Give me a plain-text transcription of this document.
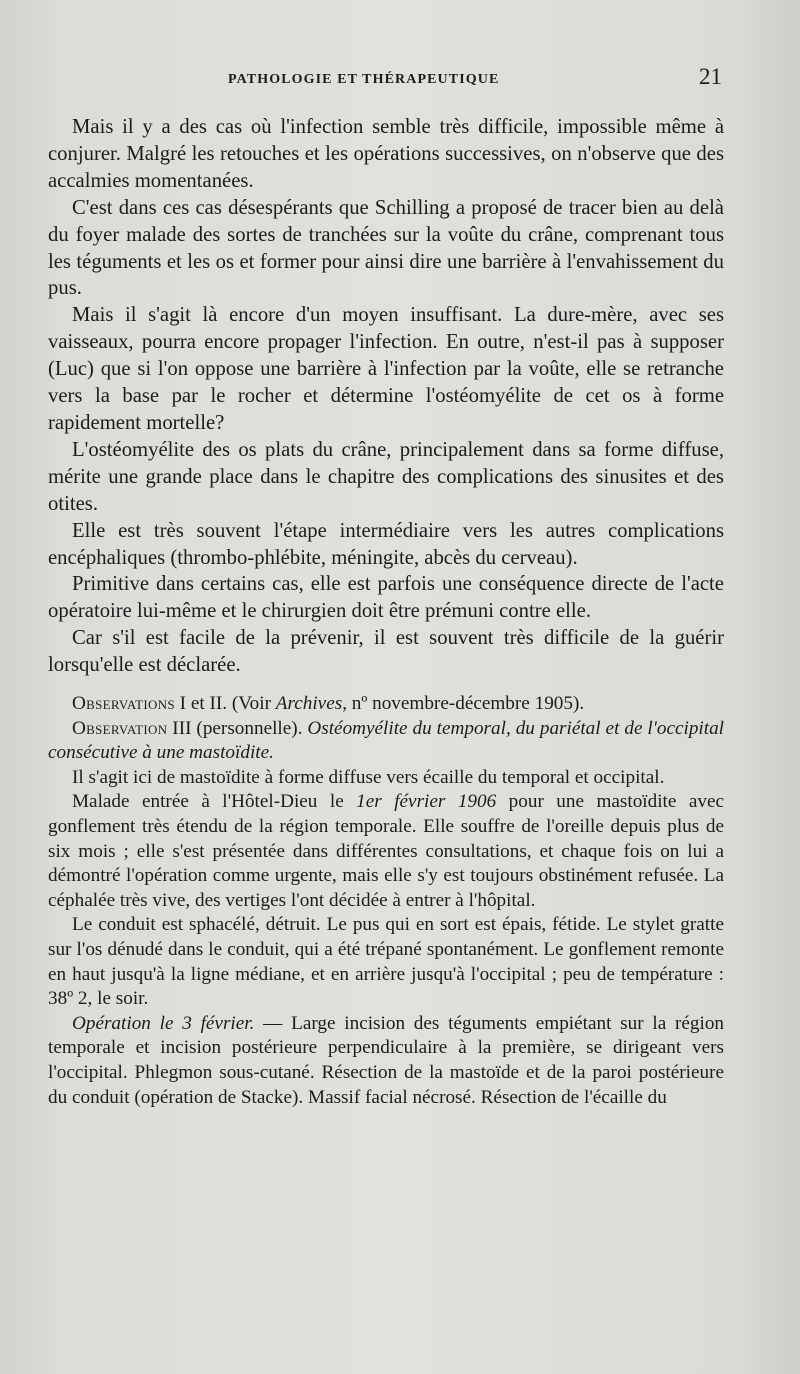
PATHOLOGIE ET THÉRAPEUTIQUE	21

Mais il y a des cas où l'infection semble très difficile, impossible même à conjurer. Malgré les retouches et les opérations successives, on n'observe que des accalmies momentanées.

C'est dans ces cas désespérants que Schilling a proposé de tracer bien au delà du foyer malade des sortes de tranchées sur la voûte du crâne, comprenant tous les téguments et les os et former pour ainsi dire une barrière à l'envahissement du pus.

Mais il s'agit là encore d'un moyen insuffisant. La dure-mère, avec ses vaisseaux, pourra encore propager l'infection. En outre, n'est-il pas à supposer (Luc) que si l'on oppose une barrière à l'infection par la voûte, elle se retranche vers la base par le rocher et détermine l'ostéomyélite de cet os à forme rapidement mortelle?

L'ostéomyélite des os plats du crâne, principalement dans sa forme diffuse, mérite une grande place dans le chapitre des complications des sinusites et des otites.

Elle est très souvent l'étape intermédiaire vers les autres complications encéphaliques (thrombo-phlébite, méningite, abcès du cerveau).

Primitive dans certains cas, elle est parfois une conséquence directe de l'acte opératoire lui-même et le chirurgien doit être prémuni contre elle.

Car s'il est facile de la prévenir, il est souvent très difficile de la guérir lorsqu'elle est déclarée.

Observations I et II. (Voir Archives, nº novembre-décembre 1905).

Observation III (personnelle). Ostéomyélite du temporal, du pariétal et de l'occipital consécutive à une mastoïdite.

Il s'agit ici de mastoïdite à forme diffuse vers écaille du temporal et occipital.

Malade entrée à l'Hôtel-Dieu le 1er février 1906 pour une mastoïdite avec gonflement très étendu de la région temporale. Elle souffre de l'oreille depuis plus de six mois ; elle s'est présentée dans différentes consultations, et chaque fois on lui a démontré l'opération comme urgente, mais elle s'y est toujours obstinément refusée. La céphalée très vive, des vertiges l'ont décidée à entrer à l'hôpital.

Le conduit est sphacélé, détruit. Le pus qui en sort est épais, fétide. Le stylet gratte sur l'os dénudé dans le conduit, qui a été trépané spontanément. Le gonflement remonte en haut jusqu'à la ligne médiane, et en arrière jusqu'à l'occipital ; peu de température : 38º 2, le soir.

Opération le 3 février. — Large incision des téguments empiétant sur la région temporale et incision postérieure perpendiculaire à la première, se dirigeant vers l'occipital. Phlegmon sous-cutané. Résection de la mastoïde et de la paroi postérieure du conduit (opération de Stacke). Massif facial nécrosé. Résection de l'écaille du
